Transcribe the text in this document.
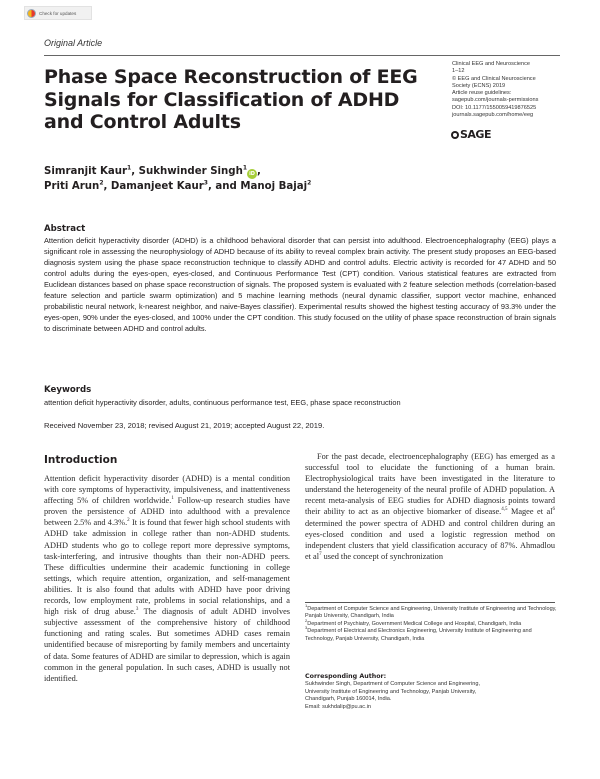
Check for updates
Original Article
Phase Space Reconstruction of EEG Signals for Classification of ADHD and Control Adults
Clinical EEG and Neuroscience
1–12
© EEG and Clinical Neuroscience
Society (ECNS) 2019
Article reuse guidelines:
sagepub.com/journals-permissions
DOI: 10.1177/1550059419876525
journals.sagepub.com/home/eeg
SAGE
Simranjit Kaur$^1$, Sukhwinder Singh$^1$iD ,
Priti Arun$^2$, Damanjeet Kaur$^3$, and Manoj Bajaj$^2$
Abstract
Attention deficit hyperactivity disorder (ADHD) is a childhood behavioral disorder that can persist into adulthood. Electroencephalography (EEG) plays a significant role in assessing the neurophysiology of ADHD because of its ability to reveal complex brain activity. The present study proposes an EEG-based diagnosis system using the phase space reconstruction technique to classify ADHD and control adults. Electric activity is recorded for 47 ADHD and 50 control adults during the eyes-open, eyes-closed, and Continuous Performance Test (CPT) condition. Various statistical features are extracted from Euclidean distances based on phase space reconstruction of signals. The proposed system is evaluated with 2 feature selection methods (correlation-based feature selection and particle swarm optimization) and 5 machine learning methods (neural dynamic classifier, support vector machine, enhanced probabilistic neural network, k-nearest neighbor, and naive-Bayes classifier). Experimental results showed the highest testing accuracy of 93.3% under the eyes-open, 90% under the eyes-closed, and 100% under the CPT condition. This study focused on the utility of phase space reconstruction of brain signals to discriminate between ADHD and control adults.
Keywords
attention deficit hyperactivity disorder, adults, continuous performance test, EEG, phase space reconstruction
Received November 23, 2018; revised August 21, 2019; accepted August 22, 2019.
Introduction
Attention deficit hyperactivity disorder (ADHD) is a mental condition with core symptoms of hyperactivity, impulsiveness, and inattentiveness affecting 5% of children worldwide.$^1$ Follow-up research studies have proven the persistence of ADHD into adulthood with a prevalence between 2.5% and 4.3%.$^2$ It is found that fewer high school students with ADHD take admission in college rather than non-ADHD students. ADHD students who go to college report more depressive symptoms, task-interfering, and intrusive thoughts than their non-ADHD peers. These difficulties undermine their academic functioning in college settings, which require attention, organization, and self-management abilities. It is also found that adults with ADHD have poor driving records, low employment rate, problems in social relationships, and a high risk of drug abuse.$^3$ The diagnosis of adult ADHD involves subjective assessment of the comprehensive history of childhood functioning and rating scales. But sometimes ADHD cases remain unidentified because of misreporting by family members and uncertainty of data. Some features of ADHD are similar to depression, which is again common in the general population. In such cases, ADHD is usually not identified.
For the past decade, electroencephalography (EEG) has emerged as a successful tool to elucidate the functioning of a human brain. Electrophysiological traits have been investigated in the literature to understand the heterogeneity of the neural profile of ADHD population. A recent meta-analysis of EEG studies for ADHD diagnosis points toward their ability to act as an objective biomarker of disease.$^{4,5}$ Magee et $al^6$ determined the power spectra of ADHD and control children during an eyes-closed condition and used a logistic regression method on independent clusters that yield classification accuracy of 87%. Ahmadlou et $al^7$ used the concept of synchronization
$^1$Department of Computer Science and Engineering, University Institute of Engineering and Technology, Panjab University, Chandigarh, India
$^2$Department of Psychiatry, Government Medical College and Hospital, Chandigarh, India
$^3$Department of Electrical and Electronics Engineering, University Institute of Engineering and Technology, Panjab University, Chandigarh, India
Corresponding Author:
Sukhwinder Singh, Department of Computer Science and Engineering,
University Institute of Engineering and Technology, Panjab University,
Chandigarh, Punjab 160014, India.
Email: sukhdalip@pu.ac.in
